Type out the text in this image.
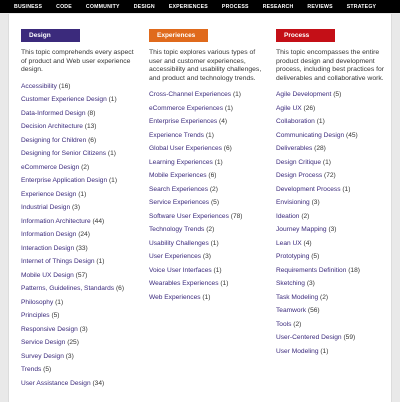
BUSINESS	CODE	COMMUNITY	DESIGN	EXPERIENCES	PROCESS	RESEARCH	REVIEWS	STRATEGY
Design

This topic comprehends every aspect of product and Web user experience design.

Accessibility (16)
Customer Experience Design (1)
Data-Informed Design (8)
Decision Architecture (13)
Designing for Children (6)
Designing for Senior Citizens (1)
eCommerce Design (2)
Enterprise Application Design (1)
Experience Design (1)
Industrial Design (3)
Information Architecture (44)
Information Design (24)
Interaction Design (33)
Internet of Things Design (1)
Mobile UX Design (57)
Patterns, Guidelines, Standards (6)
Philosophy (1)
Principles (5)
Responsive Design (3)
Service Design (25)
Survey Design (3)
Trends (5)
User Assistance Design (34)
Experiences

This topic explores various types of user and customer experiences, accessibility and usability challenges, and product and technology trends.

Cross-Channel Experiences (1)
eCommerce Experiences (1)
Enterprise Experiences (4)
Experience Trends (1)
Global User Experiences (6)
Learning Experiences (1)
Mobile Experiences (6)
Search Experiences (2)
Service Experiences (5)
Software User Experiences (78)
Technology Trends (2)
Usability Challenges (1)
User Experiences (3)
Voice User Interfaces (1)
Wearables Experiences (1)
Web Experiences (1)
Process

This topic encompasses the entire product design and development process, including best practices for deliverables and collaborative work.

Agile Development (5)
Agile UX (26)
Collaboration (1)
Communicating Design (45)
Deliverables (28)
Design Critique (1)
Design Process (72)
Development Process (1)
Envisioning (3)
Ideation (2)
Journey Mapping (3)
Lean UX (4)
Prototyping (5)
Requirements Definition (18)
Sketching (3)
Task Modeling (2)
Teamwork (56)
Tools (2)
User-Centered Design (59)
User Modeling (1)
